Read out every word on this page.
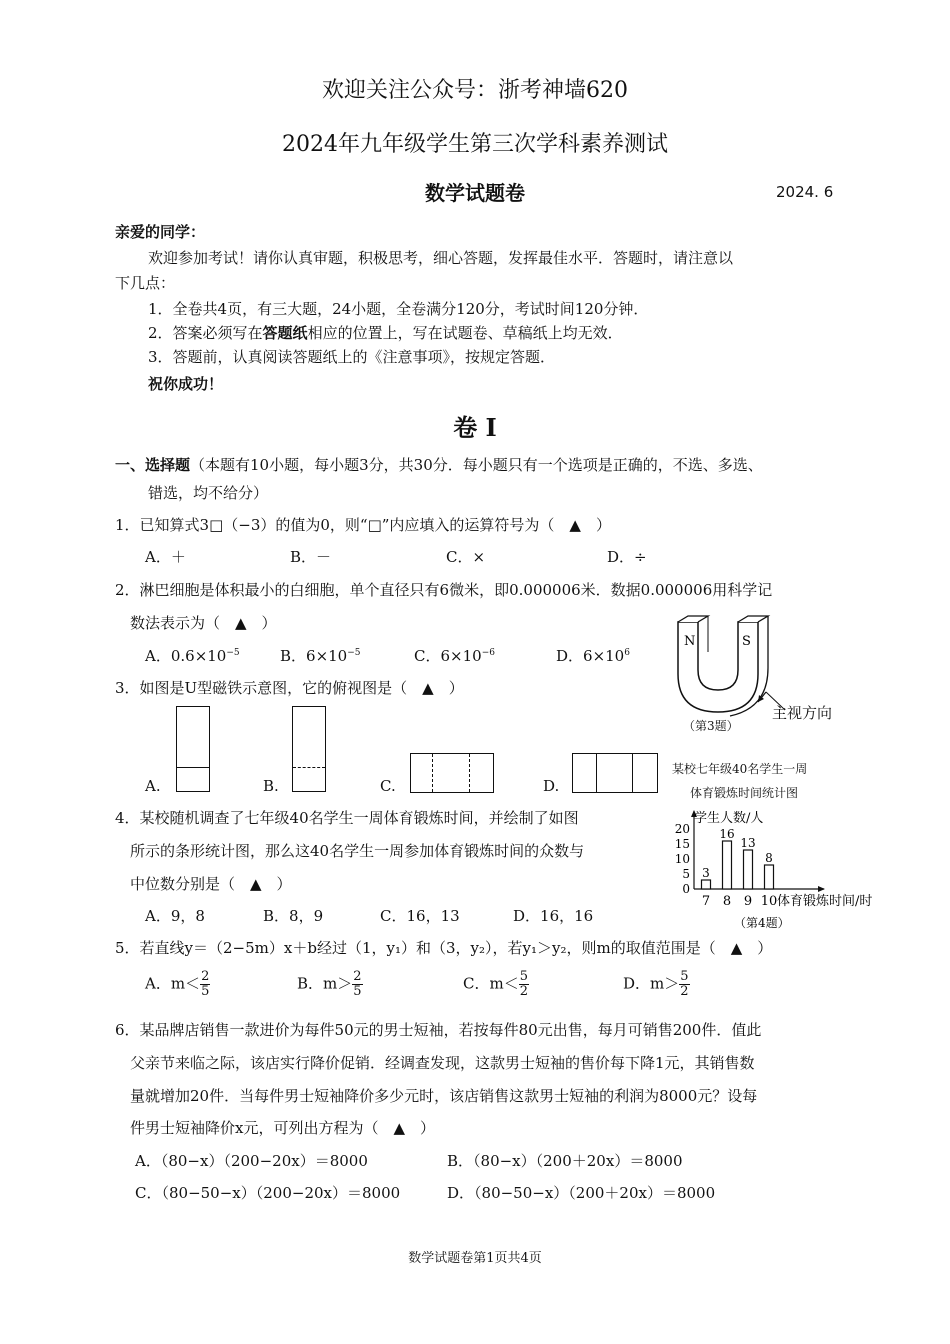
欢迎关注公众号：浙考神墙620
2024年九年级学生第三次学科素养测试
数学试题卷	2024. 6
亲爱的同学：
欢迎参加考试！请你认真审题，积极思考，细心答题，发挥最佳水平．答题时，请注意以
下几点：
1．全卷共4页，有三大题，24小题，全卷满分120分，考试时间120分钟．
2．答案必须写在答题纸相应的位置上，写在试题卷、草稿纸上均无效．
3．答题前，认真阅读答题纸上的《注意事项》，按规定答题．
祝你成功！
卷 I
一、选择题（本题有10小题，每小题3分，共30分．每小题只有一个选项是正确的，不选、多选、
错选，均不给分）
1．已知算式3□（−3）的值为0，则“□”内应填入的运算符号为（　▲　）
A．＋	B．－	C．×	D．÷
2．淋巴细胞是体积最小的白细胞，单个直径只有6微米，即0.000006米．数据0.000006用科学记
数法表示为（　▲　）
A．$0.6\times 10^{-5}$	B．$6\times 10^{-5}$	C．$6\times 10^{-6}$	D．$6\times 10^6$
N	S
主视方向
（第3题）
3．如图是U型磁铁示意图，它的俯视图是（　▲　）
A.	B.	C.	D.
某校七年级40名学生一周
体育锻炼时间统计图
学生人数/人
20
15
10
5
0
3
7
16
8
13
9
8
10 体育锻炼时间/时
（第4题）
4．某校随机调查了七年级40名学生一周体育锻炼时间，并绘制了如图
所示的条形统计图，那么这40名学生一周参加体育锻炼时间的众数与
中位数分别是（　▲　）
A．9，8	B．8，9	C．16，13	D．16，16
5．若直线y＝（2−5m）x＋b经过（1，y₁）和（3，y₂），若y₁＞y₂，则m的取值范围是（　▲　）
A．$m< \frac{2}{5}$	B．$m> \frac{2}{5}$	C．$m< \frac{5}{2}$	D．$m> \frac{5}{2}$
6．某品牌店销售一款进价为每件50元的男士短袖，若按每件80元出售，每月可销售200件．值此
父亲节来临之际，该店实行降价促销．经调查发现，这款男士短袖的售价每下降1元，其销售数
量就增加20件．当每件男士短袖降价多少元时，该店销售这款男士短袖的利润为8000元？设每
件男士短袖降价x元，可列出方程为（　▲　）
A．（80−x）（200−20x）＝8000	B．（80−x）（200＋20x）＝8000
C．（80−50−x）（200−20x）＝8000	D．（80−50−x）（200＋20x）＝8000
数学试题卷第1页共4页
